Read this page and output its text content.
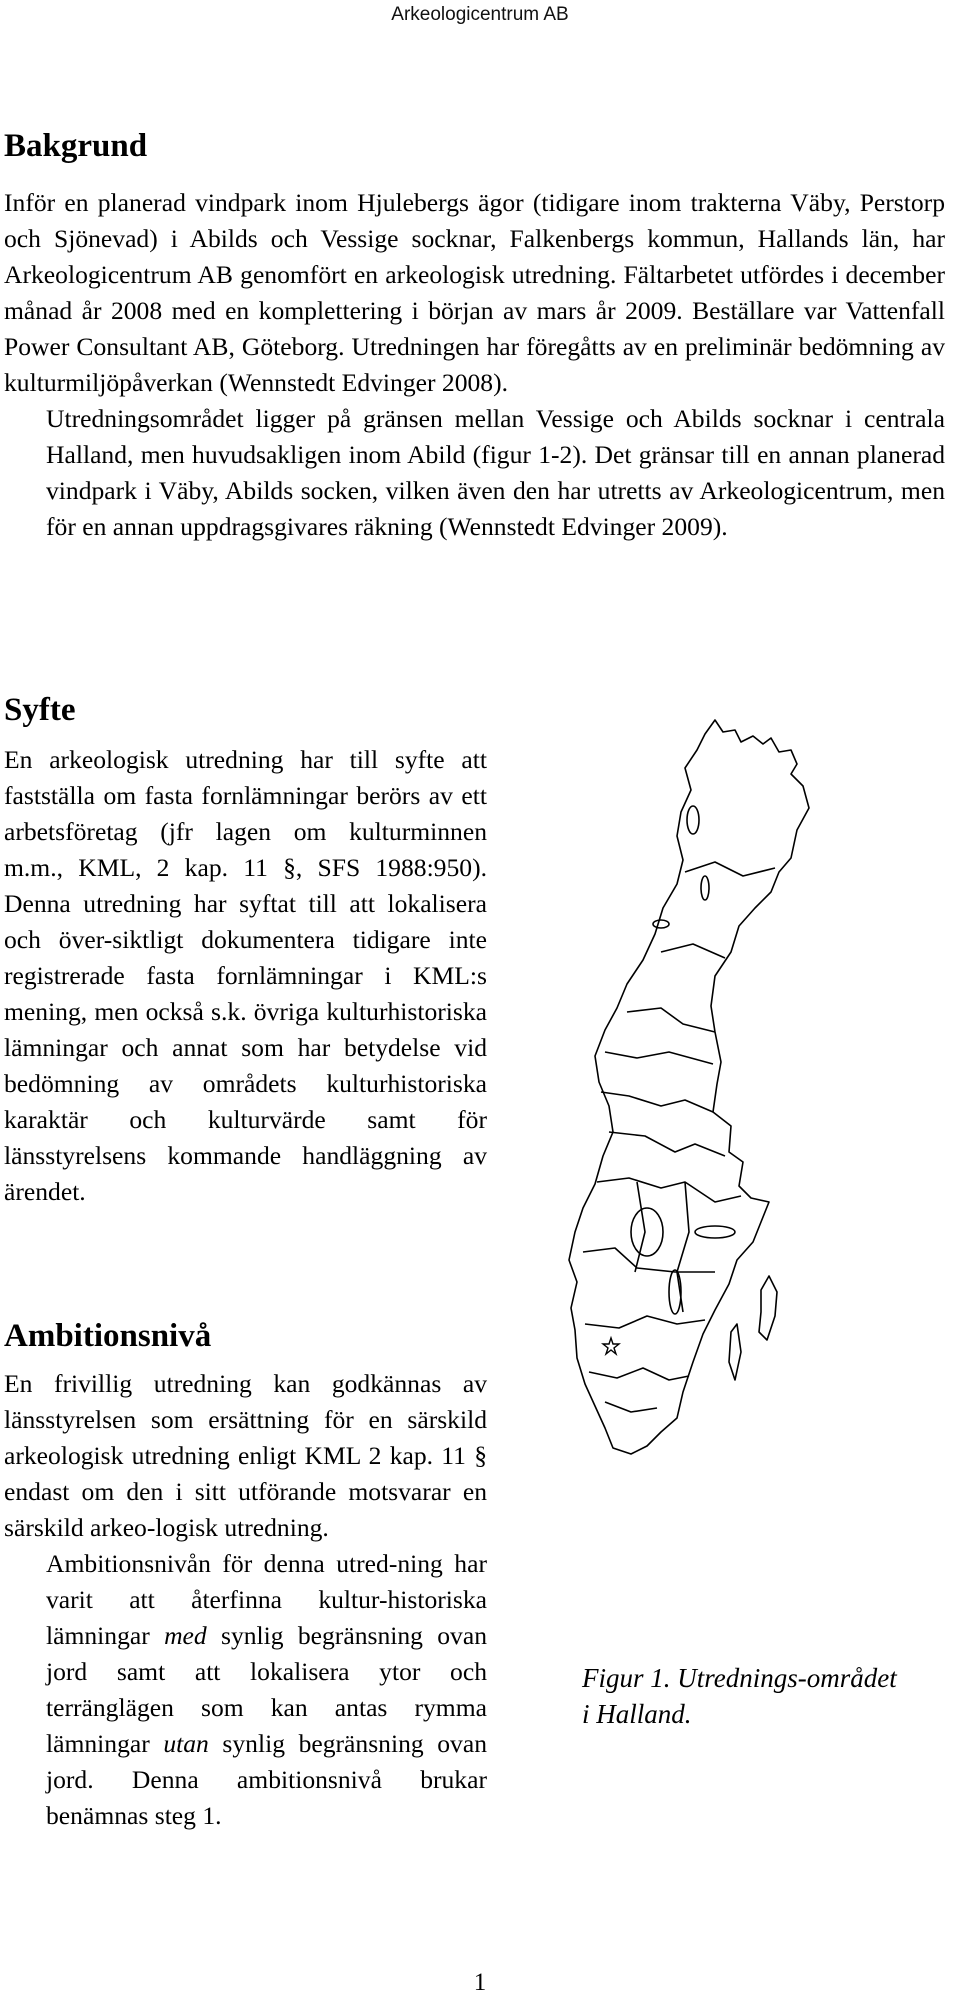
Arkeologicentrum AB
Bakgrund

Inför en planerad vindpark inom Hjulebergs ägor (tidigare inom trakterna Väby, Perstorp och Sjönevad) i Abilds och Vessige socknar, Falkenbergs kommun, Hallands län, har Arkeologicentrum AB genomfört en arkeologisk utredning. Fältarbetet utfördes i december månad år 2008 med en komplettering i början av mars år 2009. Beställare var Vattenfall Power Consultant AB, Göteborg. Utredningen har föregåtts av en preliminär bedömning av kulturmiljöpåverkan (Wennstedt Edvinger 2008).

Utredningsområdet ligger på gränsen mellan Vessige och Abilds socknar i centrala Halland, men huvudsakligen inom Abild (figur 1-2). Det gränsar till en annan planerad vindpark i Väby, Abilds socken, vilken även den har utretts av Arkeologicentrum, men för en annan uppdragsgivares räkning (Wennstedt Edvinger 2009).

Syfte

En arkeologisk utredning har till syfte att fastställa om fasta fornlämningar berörs av ett arbetsföretag (jfr lagen om kulturminnen m.m., KML, 2 kap. 11 §, SFS 1988:950). Denna utredning har syftat till att lokalisera och över-siktligt dokumentera tidigare inte registrerade fasta fornlämningar i KML:s mening, men också s.k. övriga kulturhistoriska lämningar och annat som har betydelse vid bedömning av områdets kulturhistoriska karaktär och kulturvärde samt för länsstyrelsens kommande handläggning av ärendet.

Ambitionsnivå

En frivillig utredning kan godkännas av länsstyrelsen som ersättning för en särskild arkeologisk utredning enligt KML 2 kap. 11 § endast om den i sitt utförande motsvarar en särskild arkeo-logisk utredning.

Ambitionsnivån för denna utred-ning har varit att återfinna kultur-historiska lämningar med synlig begränsning ovan jord samt att lokalisera ytor och terränglägen som kan antas rymma lämningar utan synlig begränsning ovan jord. Denna ambitionsnivå brukar benämnas steg 1.

Figur 1. Utrednings-området i Halland.

1
